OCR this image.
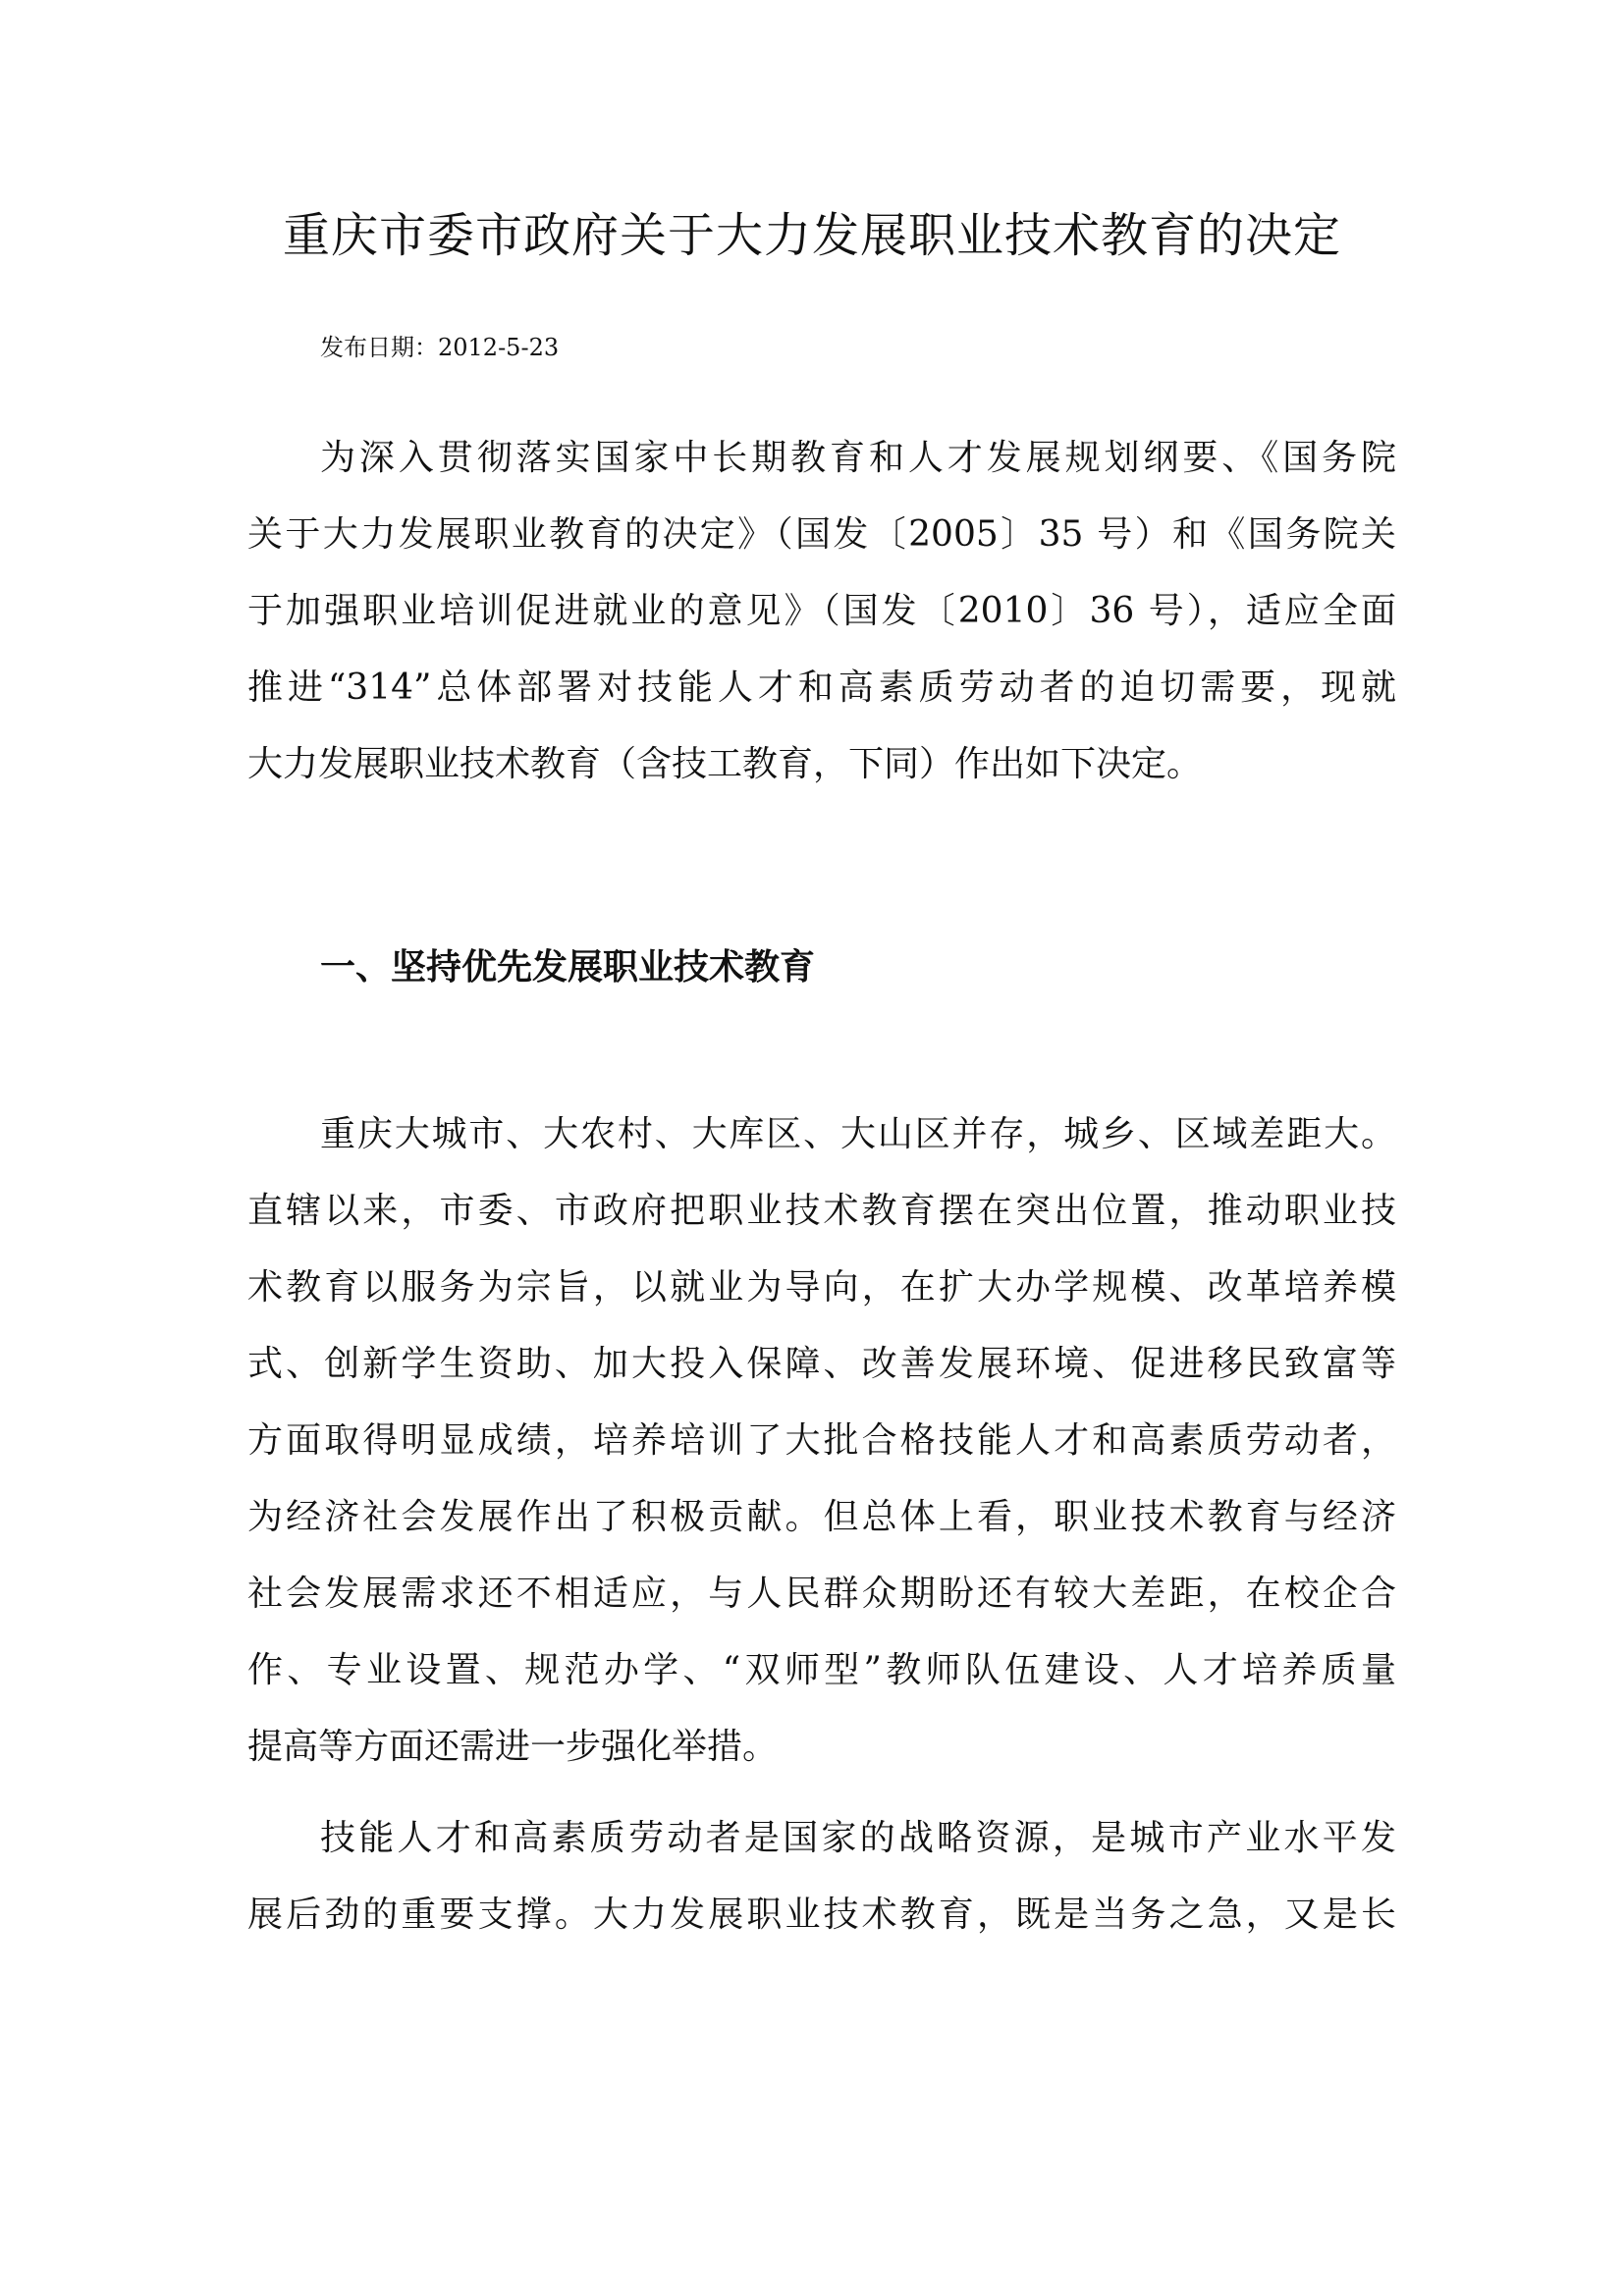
重庆市委市政府关于大力发展职业技术教育的决定
发布日期：2012-5-23
为深入贯彻落实国家中长期教育和人才发展规划纲要、《国务院
关于大力发展职业教育的决定》（国发〔2005〕35 号）和《国务院关
于加强职业培训促进就业的意见》（国发〔2010〕36 号），适应全面
推进“314”总体部署对技能人才和高素质劳动者的迫切需要，现就
大力发展职业技术教育（含技工教育，下同）作出如下决定。
一、坚持优先发展职业技术教育
重庆大城市、大农村、大库区、大山区并存，城乡、区域差距大。
直辖以来，市委、市政府把职业技术教育摆在突出位置，推动职业技
术教育以服务为宗旨，以就业为导向，在扩大办学规模、改革培养模
式、创新学生资助、加大投入保障、改善发展环境、促进移民致富等
方面取得明显成绩，培养培训了大批合格技能人才和高素质劳动者，
为经济社会发展作出了积极贡献。但总体上看，职业技术教育与经济
社会发展需求还不相适应，与人民群众期盼还有较大差距，在校企合
作、专业设置、规范办学、“双师型”教师队伍建设、人才培养质量
提高等方面还需进一步强化举措。
技能人才和高素质劳动者是国家的战略资源，是城市产业水平发
展后劲的重要支撑。大力发展职业技术教育，既是当务之急，又是长
